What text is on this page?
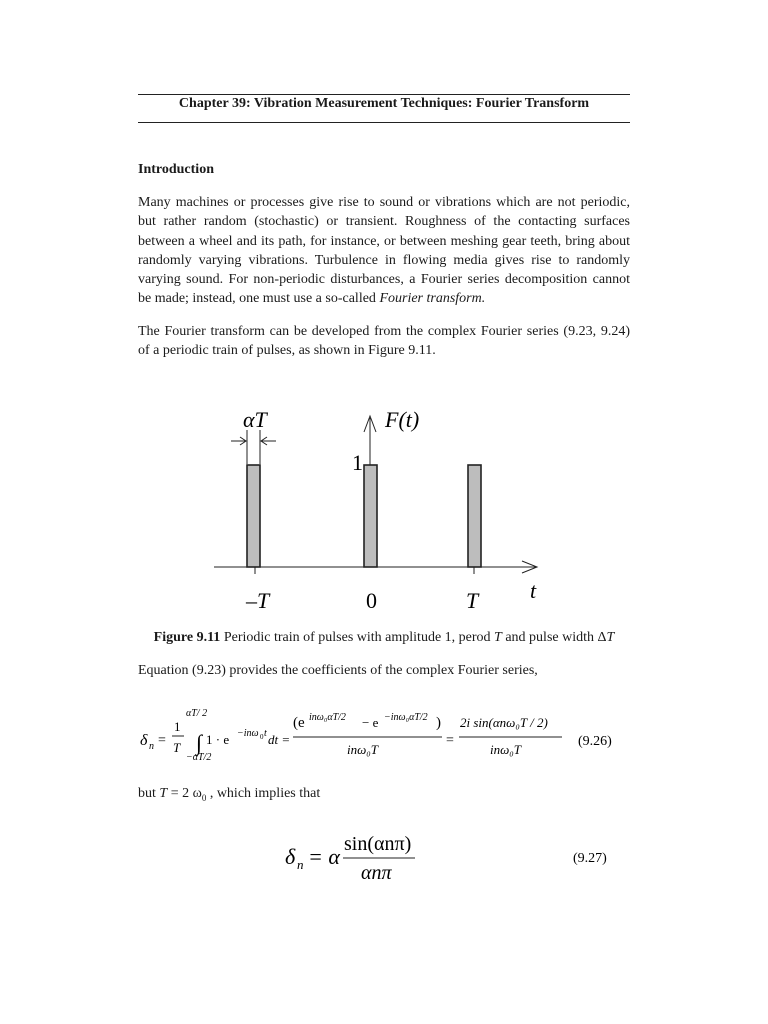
Chapter 39: Vibration Measurement Techniques: Fourier Transform
Introduction
Many machines or processes give rise to sound or vibrations which are not periodic,
but rather random (stochastic) or transient. Roughness of the contacting surfaces
between a wheel and its path, for instance, or between meshing gear teeth, bring about
randomly varying vibrations. Turbulence in flowing media gives rise to randomly
varying sound. For non-periodic disturbances, a Fourier series decomposition cannot
be made; instead, one must use a so-called Fourier transform.
The Fourier transform can be developed from the complex Fourier series (9.23, 9.24)
of a periodic train of pulses, as shown in Figure 9.11.
αT	F(t)
1
t
–T	0	T
Figure 9.11 Periodic train of pulses with amplitude 1, perod T and pulse width ΔT
Equation (9.23) provides the coefficients of the complex Fourier series,
δ n =
1
T
αT/ 2
∫
−αT/2
1 · e −inω 0 t dt =
(e inω₀αT/2 − e −inω₀αT/2 )
inω₀T
=
2i sin(αnω₀T / 2)
inω₀T
(9.26)
but T = 2 $\omega_0$ , which implies that
δ n = α sin(αnπ)
αnπ
(9.27)
